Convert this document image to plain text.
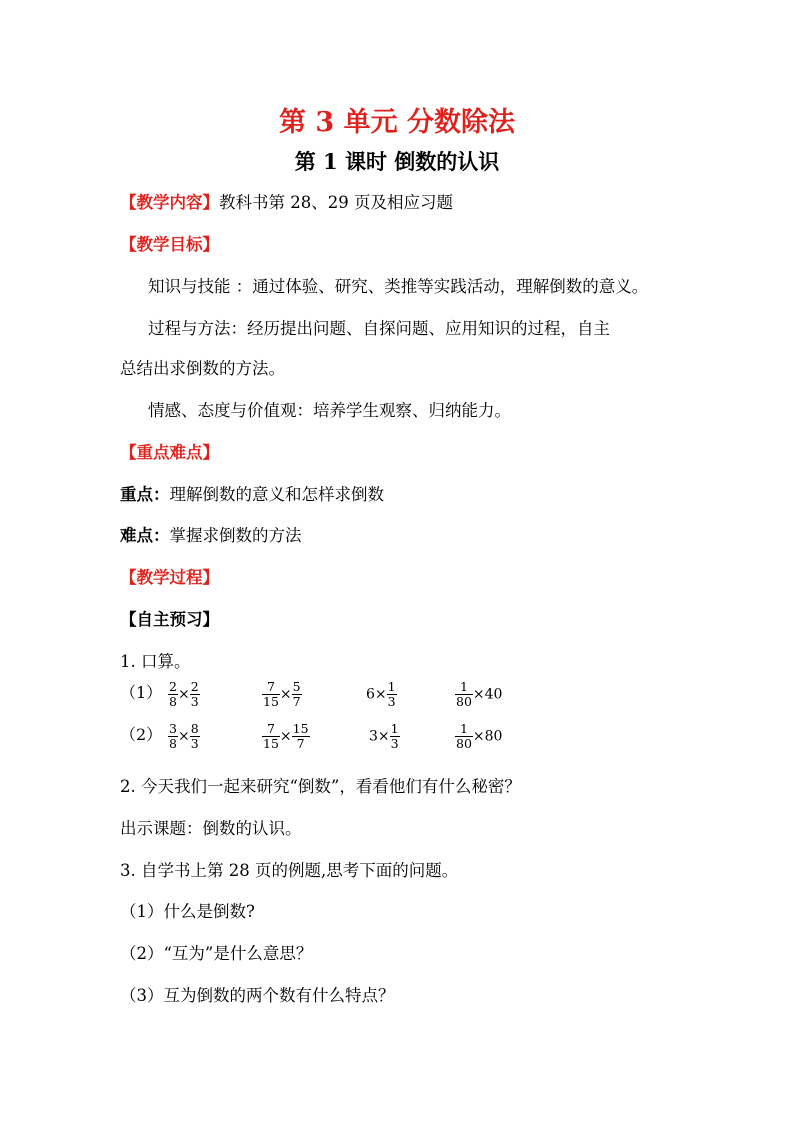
第 3 单元 分数除法
第 1 课时 倒数的认识
【教学内容】教科书第 28、29 页及相应习题
【教学目标】
知识与技能 ：通过体验、研究、类推等实践活动，理解倒数的意义。
过程与方法：经历提出问题、自探问题、应用知识的过程，自主
总结出求倒数的方法。
情感、态度与价值观：培养学生观察、归纳能力。
【重点难点】
重点：理解倒数的意义和怎样求倒数
难点：掌握求倒数的方法
【教学过程】
【自主预习】
1. 口算。
$(1) \frac{2}{8} \times \frac{2}{3}$	$\frac{7}{15} \times \frac{5}{7}$	$6\times \frac{1}{3}$	$\frac{1}{80} \times 40$
$(2) \frac{3}{8} \times \frac{8}{3}$	$\frac{7}{15} \times \frac{15}{7}$	$3\times \frac{1}{3}$	$\frac{1}{80} \times 80$
2. 今天我们一起来研究“倒数”，看看他们有什么秘密？
出示课题：倒数的认识。
3. 自学书上第 28 页的例题,思考下面的问题。
（1）什么是倒数?
（2）“互为”是什么意思？
（3）互为倒数的两个数有什么特点？
